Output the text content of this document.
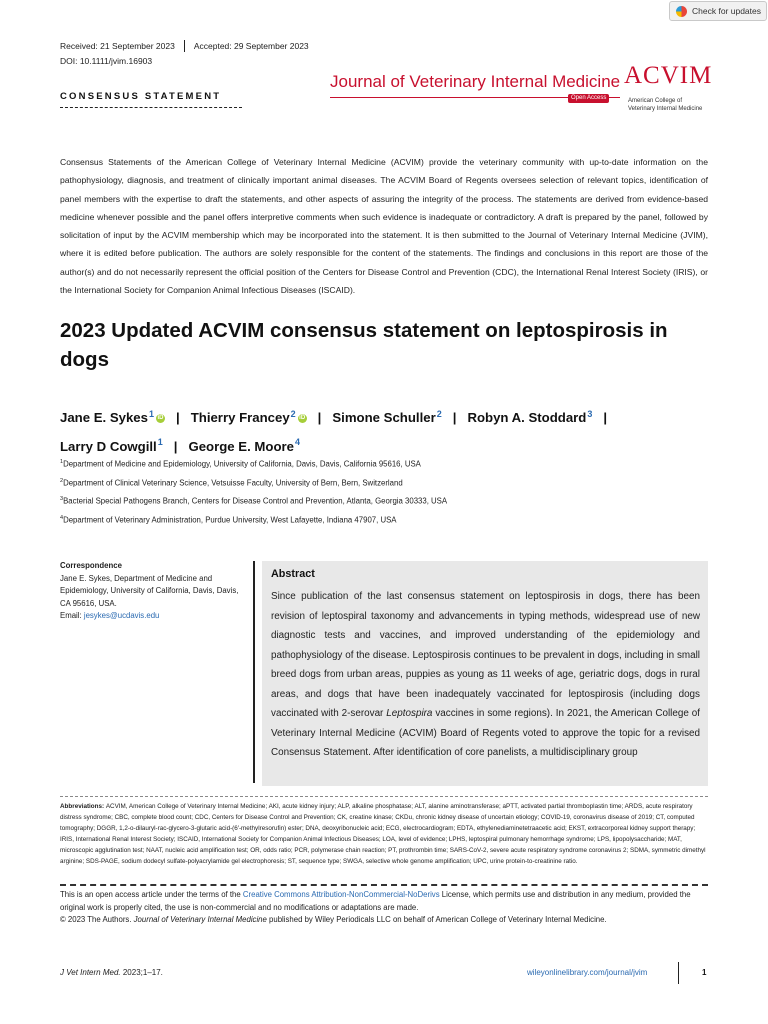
Check for updates
Received: 21 September 2023 Accepted: 29 September 2023
DOI: 10.1111/jvim.16903
CONSENSUS STATEMENT
Journal of Veterinary Internal Medicine
Open Access
ACVIM
American College of
Veterinary Internal Medicine
Consensus Statements of the American College of Veterinary Internal Medicine (ACVIM) provide the veterinary community with up-to-date information on the pathophysiology, diagnosis, and treatment of clinically important animal diseases. The ACVIM Board of Regents oversees selection of relevant topics, identification of panel members with the expertise to draft the statements, and other aspects of assuring the integrity of the process. The statements are derived from evidence-based medicine whenever possible and the panel offers interpretive comments when such evidence is inadequate or contradictory. A draft is prepared by the panel, followed by solicitation of input by the ACVIM membership which may be incorporated into the statement. It is then submitted to the Journal of Veterinary Internal Medicine (JVIM), where it is edited before publication. The authors are solely responsible for the content of the statements. The findings and conclusions in this report are those of the author(s) and do not necessarily represent the official position of the Centers for Disease Control and Prevention (CDC), the International Renal Interest Society (IRIS), or the International Society for Companion Animal Infectious Diseases (ISCAID).
2023 Updated ACVIM consensus statement on leptospirosis in dogs
Jane E. Sykes$^1$ iD | Thierry Francey$^2$ iD | Simone Schuller$^2$ | Robyn A. Stoddard$^3$ |
Larry D Cowgill$^1$ | George E. Moore$^4$
$^1$Department of Medicine and Epidemiology, University of California, Davis, Davis, California 95616, USA
$^2$Department of Clinical Veterinary Science, Vetsuisse Faculty, University of Bern, Bern, Switzerland
$^3$Bacterial Special Pathogens Branch, Centers for Disease Control and Prevention, Atlanta, Georgia 30333, USA
$^4$Department of Veterinary Administration, Purdue University, West Lafayette, Indiana 47907, USA
Correspondence
Jane E. Sykes, Department of Medicine and Epidemiology, University of California, Davis, Davis, CA 95616, USA.
Email: jesykes@ucdavis.edu
Abstract
Since publication of the last consensus statement on leptospirosis in dogs, there has been revision of leptospiral taxonomy and advancements in typing methods, widespread use of new diagnostic tests and vaccines, and improved understanding of the epidemiology and pathophysiology of the disease. Leptospirosis continues to be prevalent in dogs, including in small breed dogs from urban areas, puppies as young as 11 weeks of age, geriatric dogs, dogs in rural areas, and dogs that have been inadequately vaccinated for leptospirosis (including dogs vaccinated with 2-serovar Leptospira vaccines in some regions). In 2021, the American College of Veterinary Internal Medicine (ACVIM) Board of Regents voted to approve the topic for a revised Consensus Statement. After identification of core panelists, a multidisciplinary group
Abbreviations: ACVIM, American College of Veterinary Internal Medicine; AKI, acute kidney injury; ALP, alkaline phosphatase; ALT, alanine aminotransferase; aPTT, activated partial thromboplastin time; ARDS, acute respiratory distress syndrome; CBC, complete blood count; CDC, Centers for Disease Control and Prevention; CK, creatine kinase; CKDu, chronic kidney disease of uncertain etiology; COVID-19, coronavirus disease of 2019; CT, computed tomography; DGGR, 1,2-o-dilauryl-rac-glycero-3-glutaric acid-(6′-methylresorufin) ester; DNA, deoxyribonucleic acid; ECG, electrocardiogram; EDTA, ethylenediaminetetraacetic acid; EKST, extracorporeal kidney support therapy; IRIS, International Renal Interest Society; ISCAID, International Society for Companion Animal Infectious Diseases; LOA, level of evidence; LPHS, leptospiral pulmonary hemorrhage syndrome; LPS, lipopolysaccharide; MAT, microscopic agglutination test; NAAT, nucleic acid amplification test; OR, odds ratio; PCR, polymerase chain reaction; PT, prothrombin time; SARS-CoV-2, severe acute respiratory syndrome coronavirus 2; SDMA, symmetric dimethyl arginine; SDS-PAGE, sodium dodecyl sulfate-polyacrylamide gel electrophoresis; ST, sequence type; SWGA, selective whole genome amplification; UPC, urine protein-to-creatinine ratio.
This is an open access article under the terms of the Creative Commons Attribution-NonCommercial-NoDerivs License, which permits use and distribution in any medium, provided the original work is properly cited, the use is non-commercial and no modifications or adaptations are made.
© 2023 The Authors. Journal of Veterinary Internal Medicine published by Wiley Periodicals LLC on behalf of American College of Veterinary Internal Medicine.
J Vet Intern Med. 2023;1–17.	wileyonlinelibrary.com/journal/jvim	1
